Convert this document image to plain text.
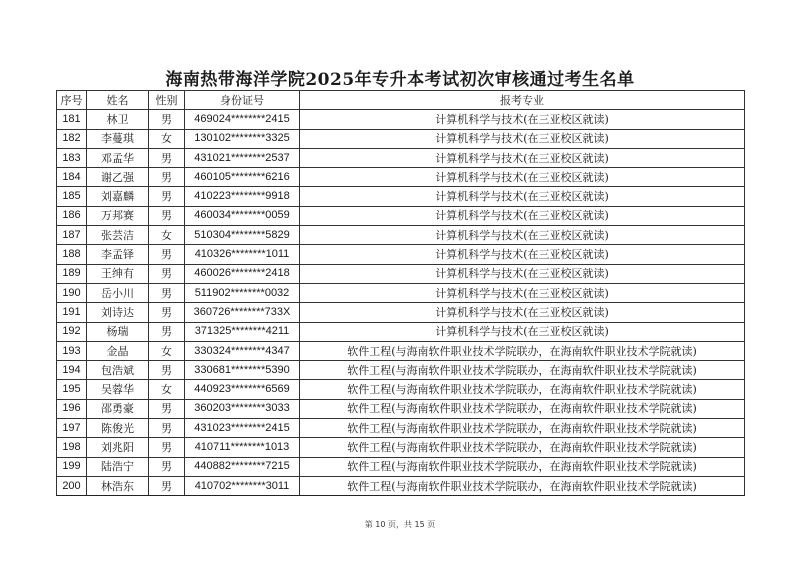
海南热带海洋学院2025年专升本考试初次审核通过考生名单
序号	姓名	性别	身份证号	报考专业
181	林卫	男	469024********2415	计算机科学与技术(在三亚校区就读)
182	李蔓琪	女	130102********3325	计算机科学与技术(在三亚校区就读)
183	邓孟华	男	431021********2537	计算机科学与技术(在三亚校区就读)
184	谢乙强	男	460105********6216	计算机科学与技术(在三亚校区就读)
185	刘嘉麟	男	410223********9918	计算机科学与技术(在三亚校区就读)
186	万邦赛	男	460034********0059	计算机科学与技术(在三亚校区就读)
187	张芸洁	女	510304********5829	计算机科学与技术(在三亚校区就读)
188	李孟铎	男	410326********1011	计算机科学与技术(在三亚校区就读)
189	王绅有	男	460026********2418	计算机科学与技术(在三亚校区就读)
190	岳小川	男	511902********0032	计算机科学与技术(在三亚校区就读)
191	刘诗达	男	360726********733X	计算机科学与技术(在三亚校区就读)
192	杨瑞	男	371325********4211	计算机科学与技术(在三亚校区就读)
193	金晶	女	330324********4347	软件工程(与海南软件职业技术学院联办，在海南软件职业技术学院就读)
194	包浩斌	男	330681********5390	软件工程(与海南软件职业技术学院联办，在海南软件职业技术学院就读)
195	吴蓉华	女	440923********6569	软件工程(与海南软件职业技术学院联办，在海南软件职业技术学院就读)
196	邵勇豪	男	360203********3033	软件工程(与海南软件职业技术学院联办，在海南软件职业技术学院就读)
197	陈俊光	男	431023********2415	软件工程(与海南软件职业技术学院联办，在海南软件职业技术学院就读)
198	刘兆阳	男	410711********1013	软件工程(与海南软件职业技术学院联办，在海南软件职业技术学院就读)
199	陆浩宁	男	440882********7215	软件工程(与海南软件职业技术学院联办，在海南软件职业技术学院就读)
200	林浩东	男	410702********3011	软件工程(与海南软件职业技术学院联办，在海南软件职业技术学院就读)
第 10 页，共 15 页
